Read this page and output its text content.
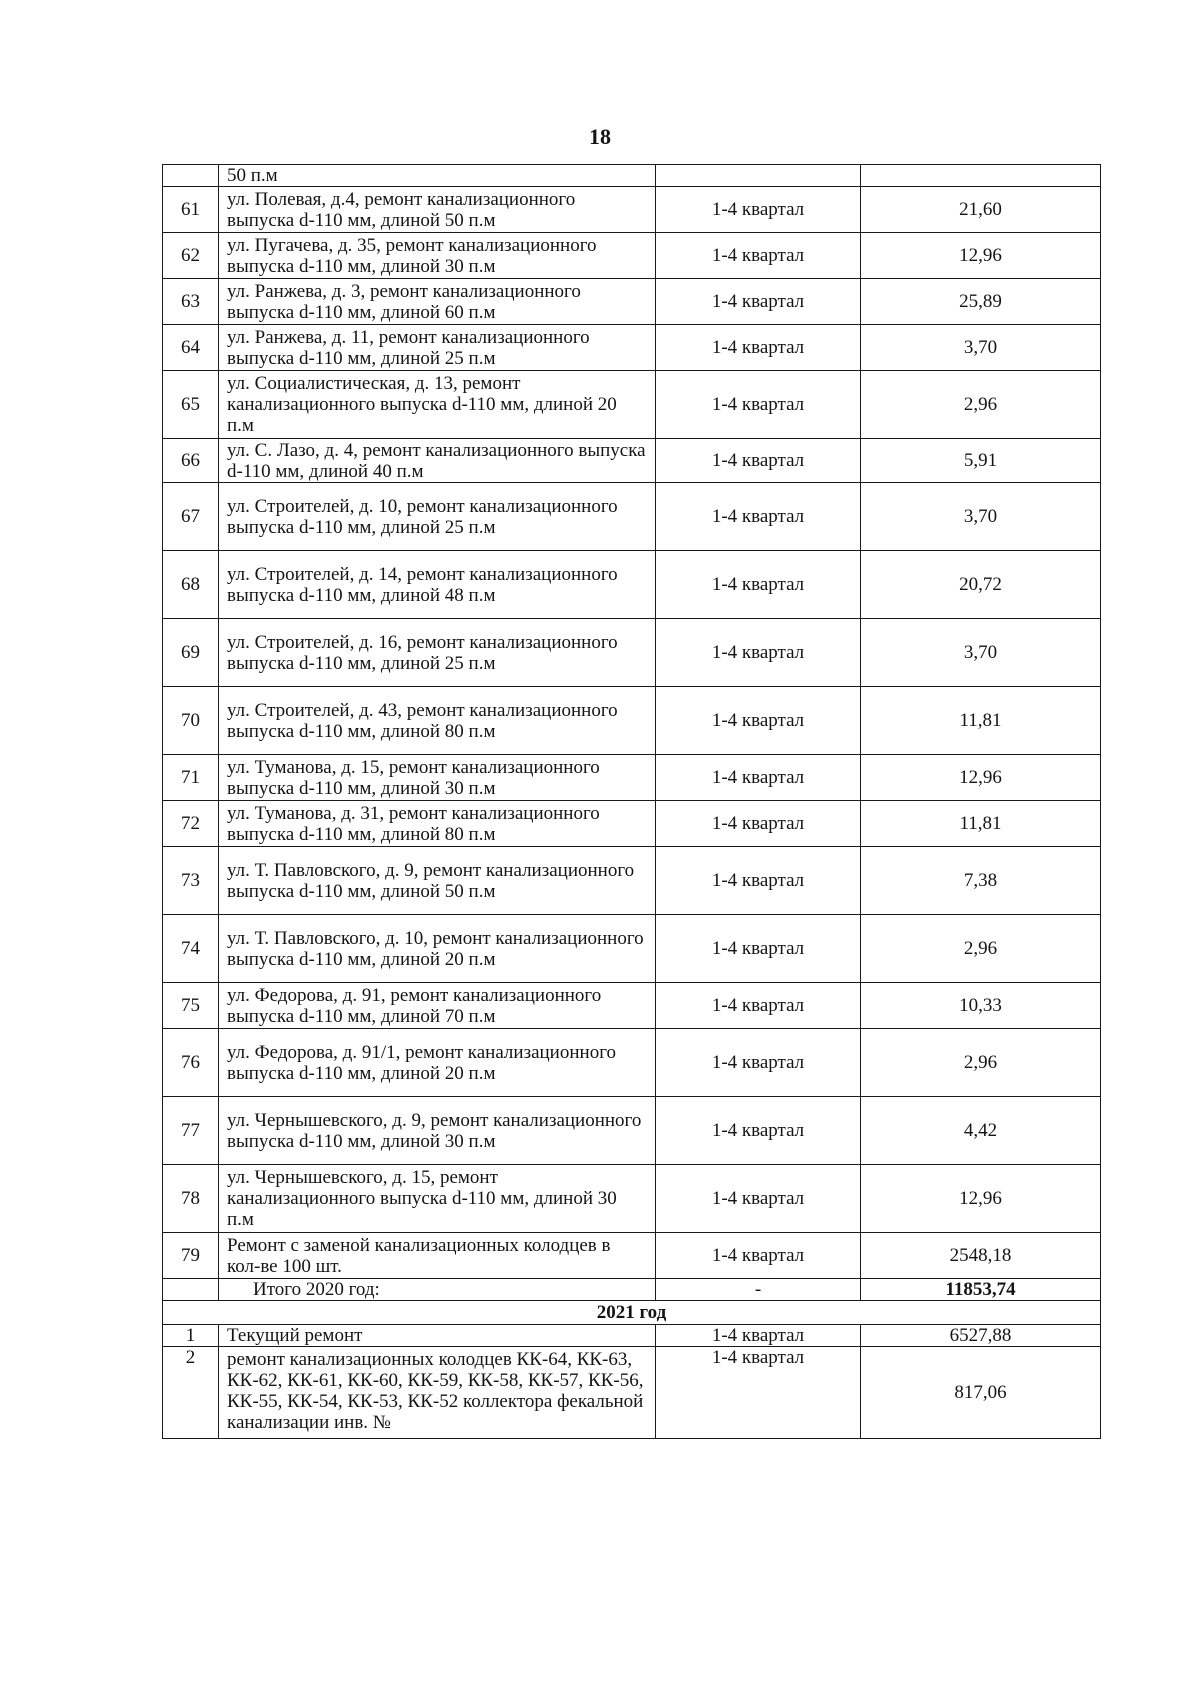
18
	50 п.м		
61	ул. Полевая, д.4, ремонт канализационного выпуска d-110 мм, длиной 50 п.м	1-4 квартал	21,60
62	ул. Пугачева, д. 35, ремонт канализационного выпуска d-110 мм, длиной 30 п.м	1-4 квартал	12,96
63	ул. Ранжева, д. 3, ремонт канализационного выпуска d-110 мм, длиной 60 п.м	1-4 квартал	25,89
64	ул. Ранжева, д. 11, ремонт канализационного выпуска d-110 мм, длиной 25 п.м	1-4 квартал	3,70
65	ул. Социалистическая, д. 13, ремонт канализационного выпуска d-110 мм, длиной 20 п.м	1-4 квартал	2,96
66	ул. С. Лазо, д. 4, ремонт канализационного выпуска d-110 мм, длиной 40 п.м	1-4 квартал	5,91
67	ул. Строителей, д. 10, ремонт канализационного выпуска d-110 мм, длиной 25 п.м	1-4 квартал	3,70
68	ул. Строителей, д. 14, ремонт канализационного выпуска d-110 мм, длиной 48 п.м	1-4 квартал	20,72
69	ул. Строителей, д. 16, ремонт канализационного выпуска d-110 мм, длиной 25 п.м	1-4 квартал	3,70
70	ул. Строителей, д. 43, ремонт канализационного выпуска d-110 мм, длиной 80 п.м	1-4 квартал	11,81
71	ул. Туманова, д. 15, ремонт канализационного выпуска d-110 мм, длиной 30 п.м	1-4 квартал	12,96
72	ул. Туманова, д. 31, ремонт канализационного выпуска d-110 мм, длиной 80 п.м	1-4 квартал	11,81
73	ул. Т. Павловского, д. 9, ремонт канализационного выпуска d-110 мм, длиной 50 п.м	1-4 квартал	7,38
74	ул. Т. Павловского, д. 10, ремонт канализационного выпуска d-110 мм, длиной 20 п.м	1-4 квартал	2,96
75	ул. Федорова, д. 91, ремонт канализационного выпуска d-110 мм, длиной 70 п.м	1-4 квартал	10,33
76	ул. Федорова, д. 91/1, ремонт канализационного выпуска d-110 мм, длиной 20 п.м	1-4 квартал	2,96
77	ул. Чернышевского, д. 9, ремонт канализационного выпуска d-110 мм, длиной 30 п.м	1-4 квартал	4,42
78	ул. Чернышевского, д. 15, ремонт канализационного выпуска d-110 мм, длиной 30 п.м	1-4 квартал	12,96
79	Ремонт с заменой канализационных колодцев в кол-ве 100 шт.	1-4 квартал	2548,18
	Итого 2020 год:	-	11853,74
2021 год			
1	Текущий ремонт	1-4 квартал	6527,88
2	ремонт канализационных колодцев КК-64, КК-63, КК-62, КК-61, КК-60, КК-59, КК-58, КК-57, КК-56, КК-55, КК-54, КК-53, КК-52 коллектора фекальной канализации инв. №	1-4 квартал	817,06
